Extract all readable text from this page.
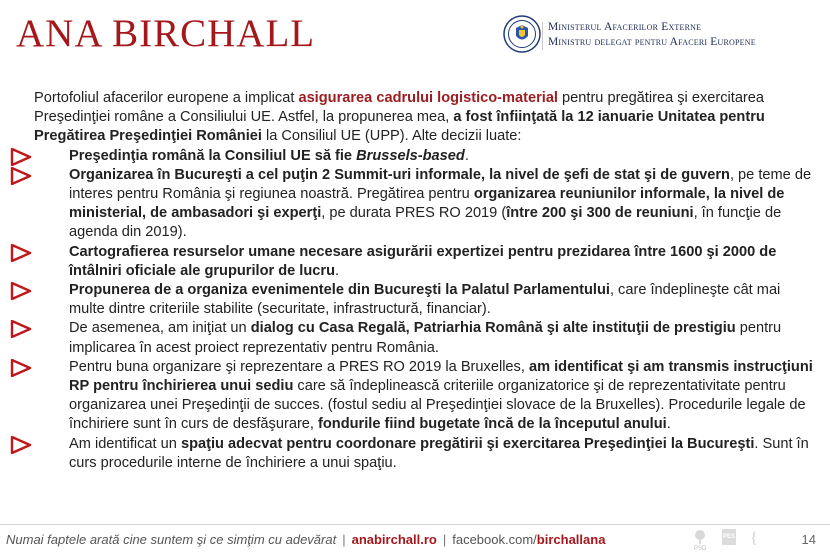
ANA BIRCHALL	Ministerul Afacerilor Externe
Ministru delegat pentru Afaceri Europene

Portofoliul afacerilor europene a implicat asigurarea cadrului logistico-material pentru pregătirea şi exercitarea Preşedinţiei române a Consiliului UE. Astfel, la propunerea mea, a fost înfiinţată la 12 ianuarie Unitatea pentru Pregătirea Preşedinţiei României la Consiliul UE (UPP). Alte decizii luate:

Preşedinţia română la Consiliul UE să fie Brussels-based.

Organizarea în Bucureşti a cel puţin 2 Summit-uri informale, la nivel de şefi de stat şi de guvern, pe teme de interes pentru România şi regiunea noastră. Pregătirea pentru organizarea reuniunilor informale, la nivel de ministerial, de ambasadori şi experţi, pe durata PRES RO 2019 (între 200 şi 300 de reuniuni, în funcţie de agenda din 2019).

Cartografierea resurselor umane necesare asigurării expertizei pentru prezidarea între 1600 şi 2000 de întâlniri oficiale ale grupurilor de lucru.

Propunerea de a organiza evenimentele din Bucureşti la Palatul Parlamentului, care îndeplineşte cât mai multe dintre criteriile stabilite (securitate, infrastructură, financiar).

De asemenea, am iniţiat un dialog cu Casa Regală, Patriarhia Română şi alte instituţii de prestigiu pentru implicarea în acest proiect reprezentativ pentru România.

Pentru buna organizare şi reprezentare a PRES RO 2019 la Bruxelles, am identificat şi am transmis instrucţiuni RP pentru închirierea unui sediu care să îndeplinească criteriile organizatorice şi de reprezentativitate pentru organizarea unei Preşedinţii de succes. (fostul sediu al Preşedinţiei slovace de la Bruxelles). Procedurile legale de închiriere sunt în curs de desfăşurare, fondurile fiind bugetate încă de la începutul anului.

Am identificat un spaţiu adecvat pentru coordonare pregătirii şi exercitarea Preşedinţiei la Bucureşti. Sunt în curs procedurile interne de închiriere a unui spaţiu.

Numai faptele arată cine suntem şi ce simţim cu adevărat | anabirchall.ro | facebook.com/birchallana
PSD
PES {	14
